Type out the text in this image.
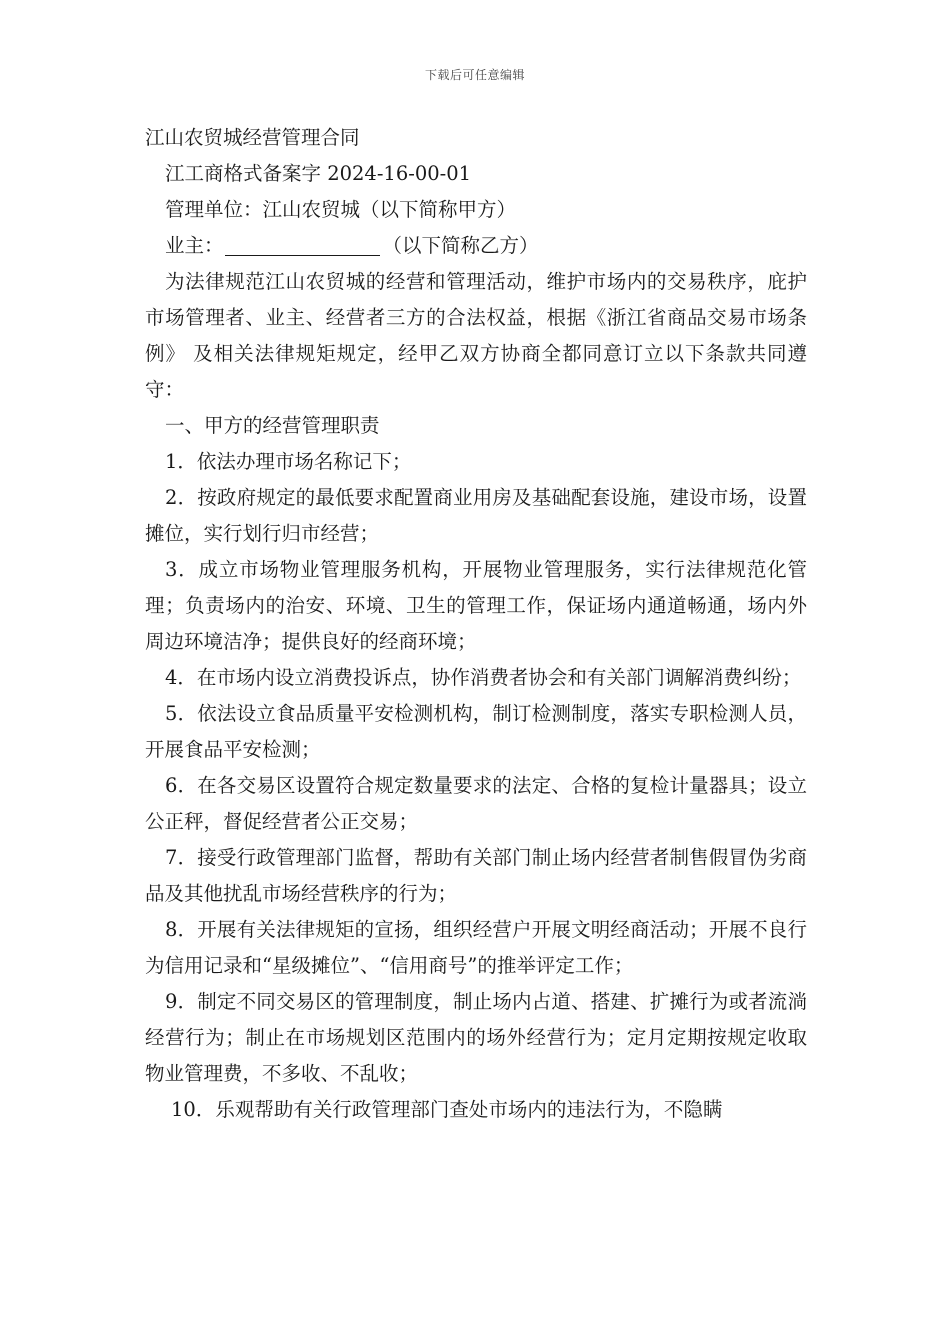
下载后可任意编辑
江山农贸城经营管理合同
江工商格式备案字 2024-16-00-01
管理单位：江山农贸城（以下简称甲方）
业主：	（以下简称乙方）
为法律规范江山农贸城的经营和管理活动，维护市场内的交易秩序，庇护市场管理者、业主、经营者三方的合法权益，根据《浙江省商品交易市场条例》 及相关法律规矩规定，经甲乙双方协商全都同意订立以下条款共同遵守：
一、甲方的经营管理职责
1．依法办理市场名称记下；
2．按政府规定的最低要求配置商业用房及基础配套设施，建设市场，设置摊位，实行划行归市经营；
3．成立市场物业管理服务机构，开展物业管理服务，实行法律规范化管理；负责场内的治安、环境、卫生的管理工作，保证场内通道畅通，场内外周边环境洁净；提供良好的经商环境；
4．在市场内设立消费投诉点，协作消费者协会和有关部门调解消费纠纷；
5．依法设立食品质量平安检测机构，制订检测制度，落实专职检测人员，开展食品平安检测；
6．在各交易区设置符合规定数量要求的法定、合格的复检计量器具；设立公正秤，督促经营者公正交易；
7．接受行政管理部门监督，帮助有关部门制止场内经营者制售假冒伪劣商品及其他扰乱市场经营秩序的行为；
8．开展有关法律规矩的宣扬，组织经营户开展文明经商活动；开展不良行为信用记录和“星级摊位”、“信用商号”的推举评定工作；
9．制定不同交易区的管理制度，制止场内占道、搭建、扩摊行为或者流淌经营行为；制止在市场规划区范围内的场外经营行为；定月定期按规定收取物业管理费，不多收、不乱收；
10．乐观帮助有关行政管理部门查处市场内的违法行为，不隐瞒
